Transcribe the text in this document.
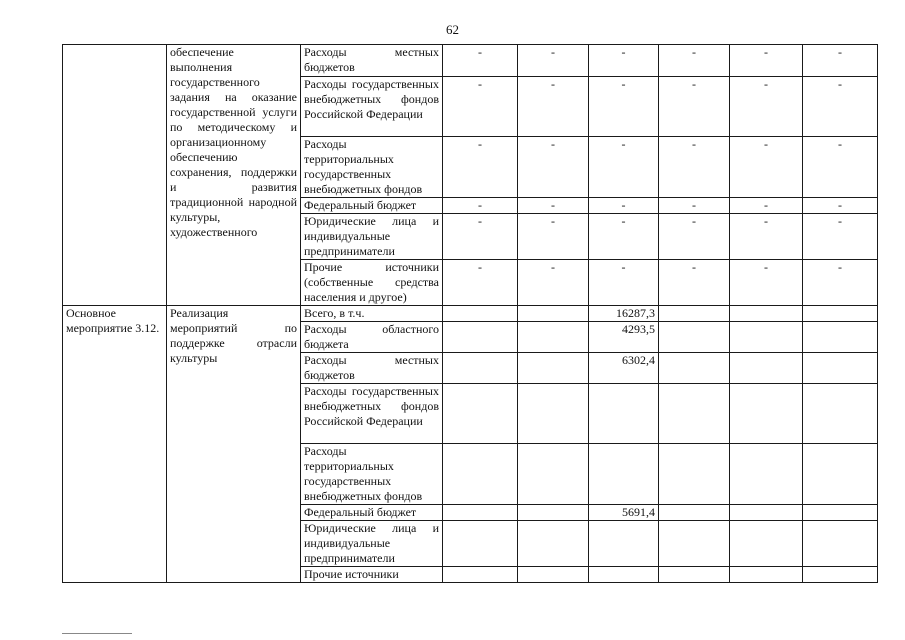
62
	обеспечение выполнения государственного задания на оказание государственной услуги по методическому и организационному обеспечению сохранения, поддержки и развития традиционной народной культуры, художественного	Расходы местных бюджетов	-	-	-	-	-	-
		Расходы государственных внебюджетных фондов Российской Федерации	-	-	-	-	-	-
		Расходы территориальных государственных внебюджетных фондов	-	-	-	-	-	-
		Федеральный бюджет	-	-	-	-	-	-
		Юридические лица и индивидуальные предприниматели	-	-	-	-	-	-
		Прочие источники (собственные средства населения и другое)	-	-	-	-	-	-
Основное мероприятие 3.12.	Реализация мероприятий по поддержке отрасли культуры	Всего, в т.ч.			16287,3			
		Расходы областного бюджета			4293,5			
		Расходы местных бюджетов			6302,4			
		Расходы государственных внебюджетных фондов Российской Федерации						
		Расходы территориальных государственных внебюджетных фондов						
		Федеральный бюджет			5691,4			
		Юридические лица и индивидуальные предприниматели						
		Прочие источники						
